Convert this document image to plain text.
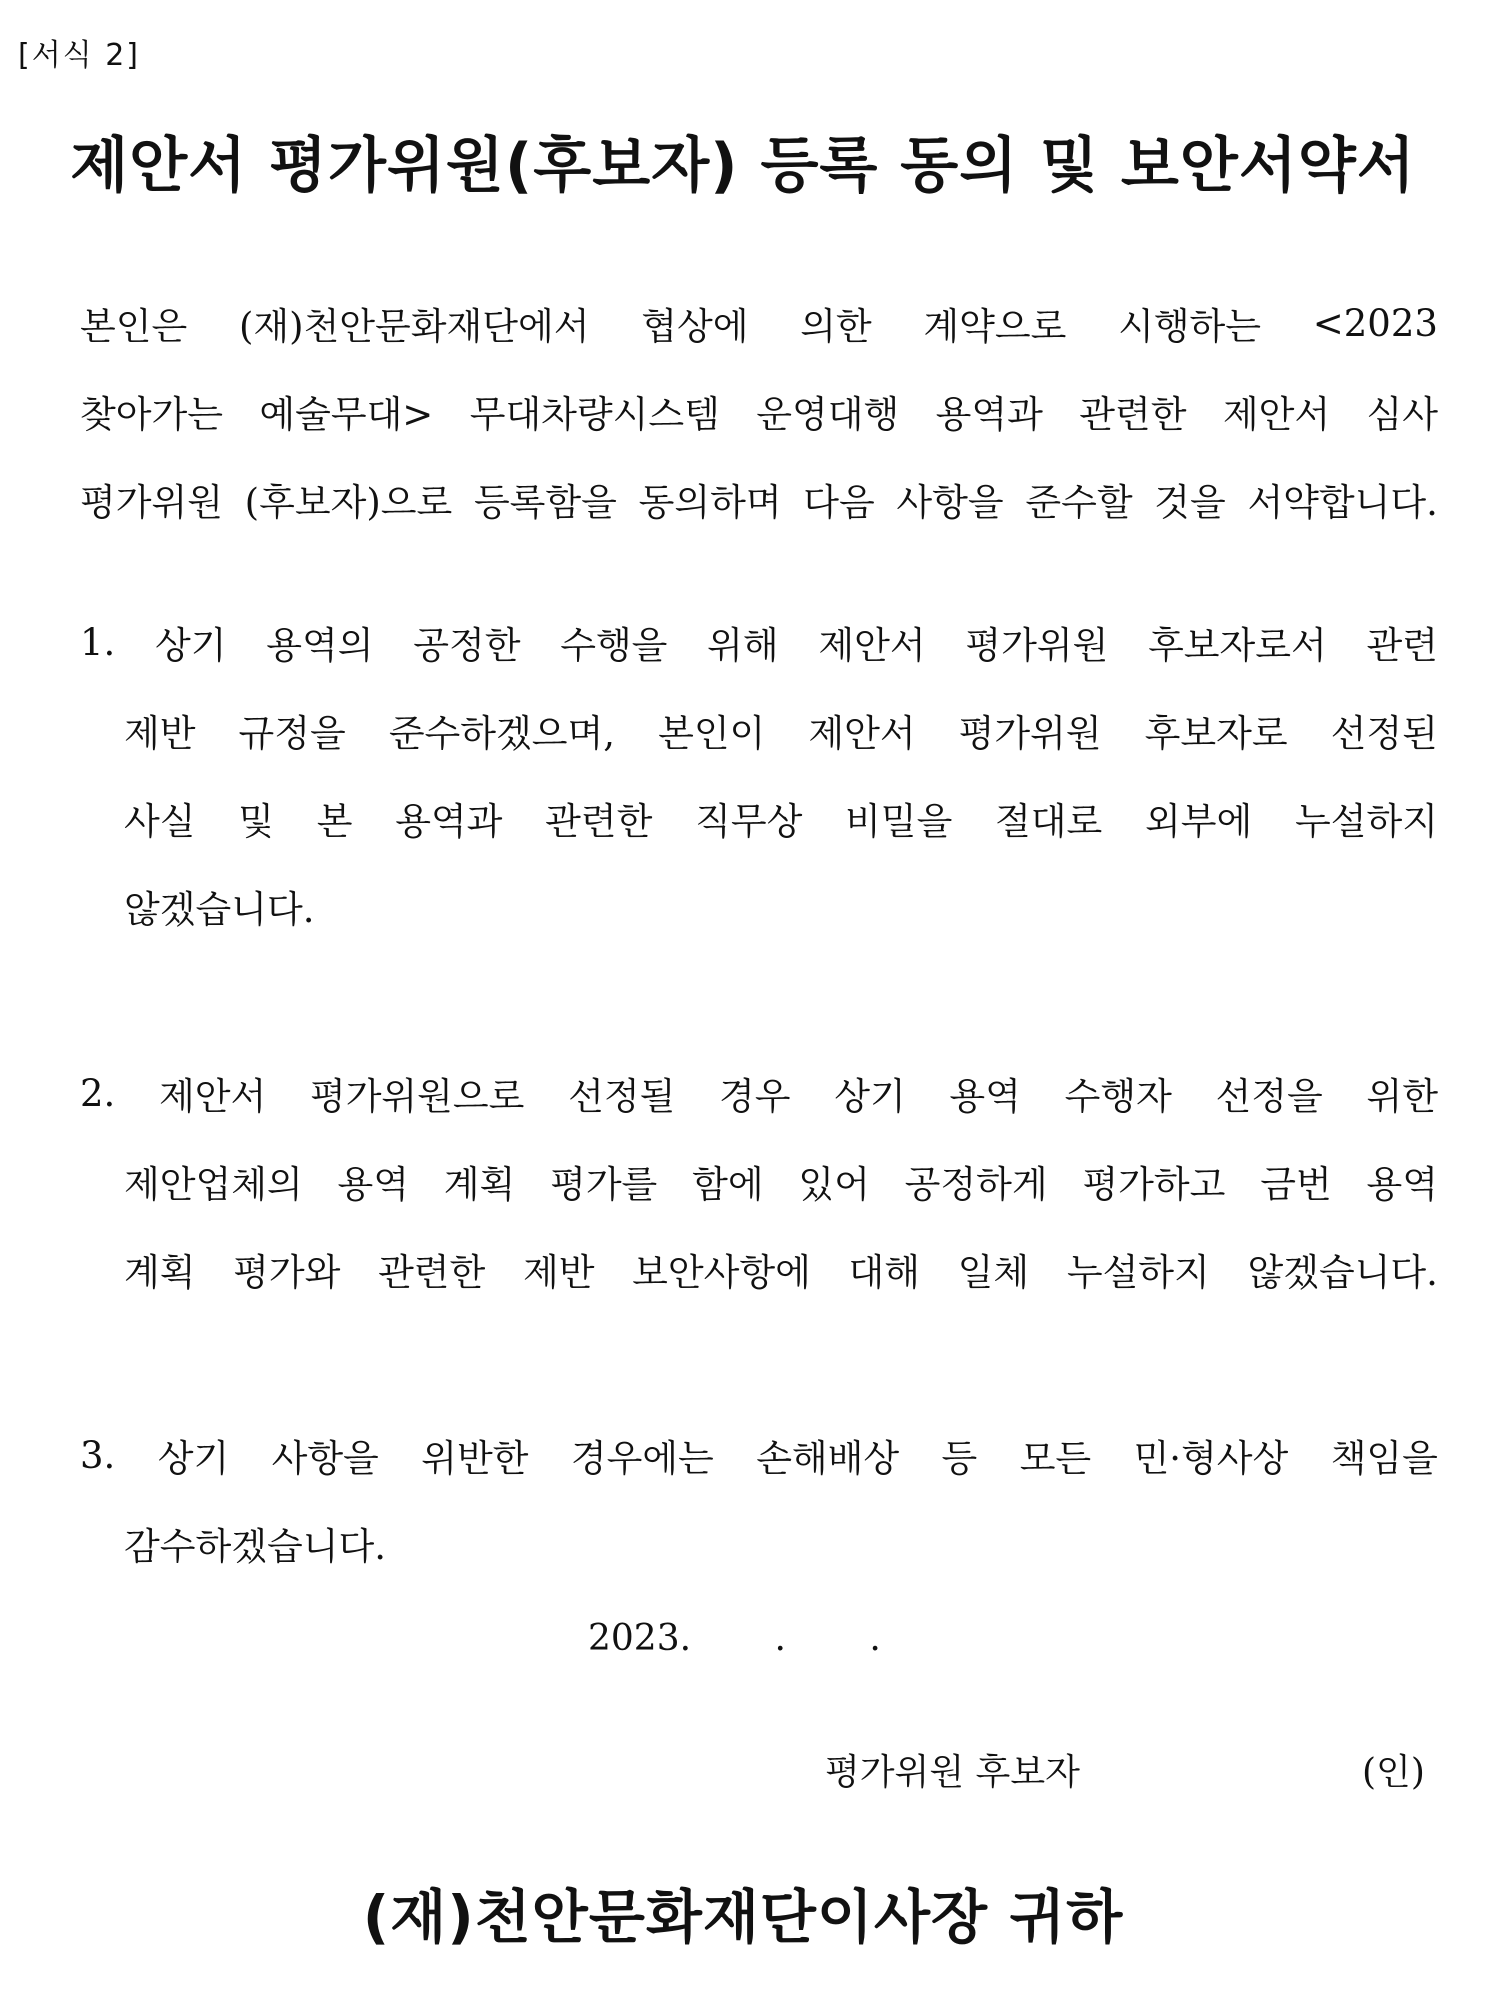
[서식 2]
제안서 평가위원(후보자) 등록 동의 및 보안서약서
본인은 (재)천안문화재단에서 협상에 의한 계약으로 시행하는 <2023
찾아가는 예술무대> 무대차량시스템 운영대행 용역과 관련한 제안서 심사
평가위원 (후보자)으로 등록함을 동의하며 다음 사항을 준수할 것을 서약합니다.
1. 상기 용역의 공정한 수행을 위해 제안서 평가위원 후보자로서 관련
제반 규정을 준수하겠으며, 본인이 제안서 평가위원 후보자로 선정된
사실 및 본 용역과 관련한 직무상 비밀을 절대로 외부에 누설하지
않겠습니다.
2. 제안서 평가위원으로 선정될 경우 상기 용역 수행자 선정을 위한
제안업체의 용역 계획 평가를 함에 있어 공정하게 평가하고 금번 용역
계획 평가와 관련한 제반 보안사항에 대해 일체 누설하지 않겠습니다.
3. 상기 사항을 위반한 경우에는 손해배상 등 모든 민·형사상 책임을
감수하겠습니다.
2023.　　 .　　 .
평가위원 후보자	(인)
(재)천안문화재단이사장 귀하
